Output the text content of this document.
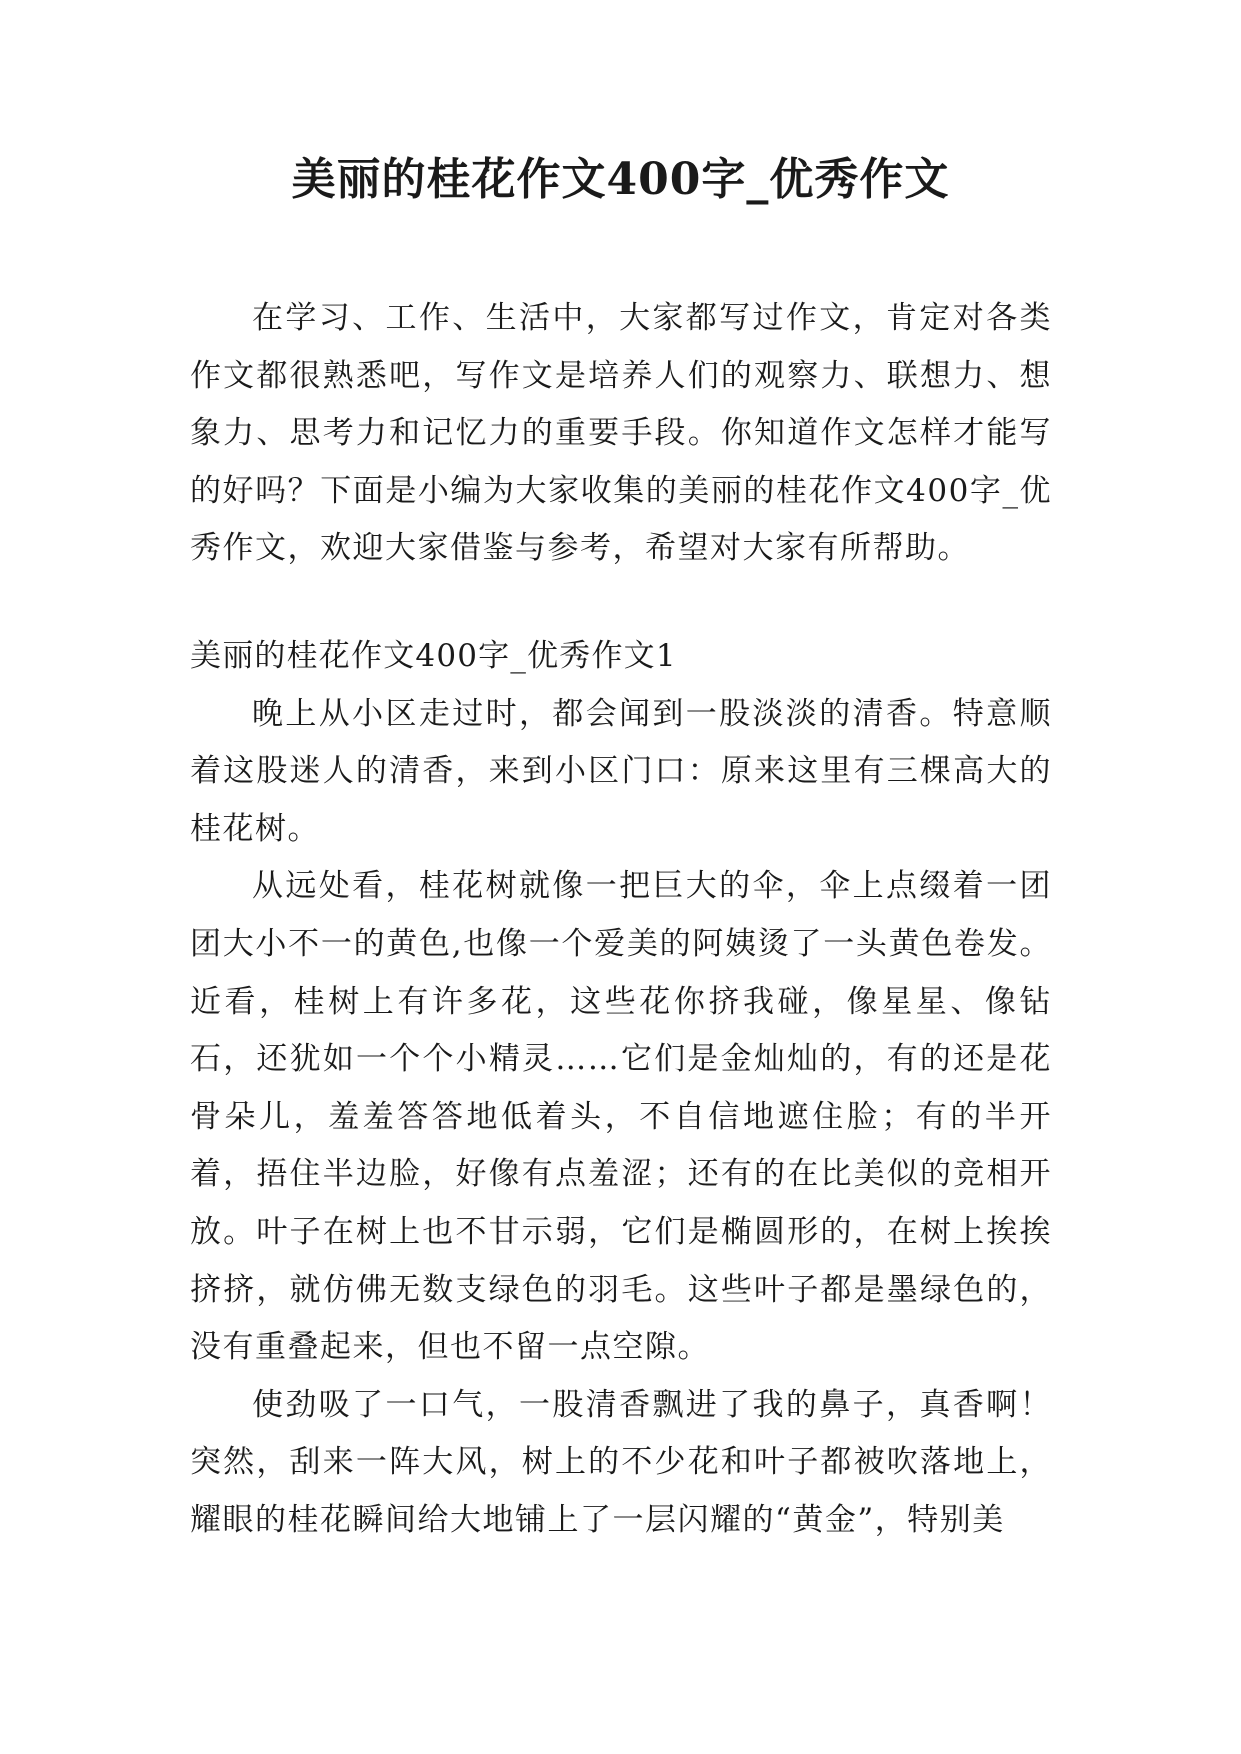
美丽的桂花作文400字_优秀作文

在学习、工作、生活中，大家都写过作文，肯定对各类作文都很熟悉吧，写作文是培养人们的观察力、联想力、想象力、思考力和记忆力的重要手段。你知道作文怎样才能写的好吗？下面是小编为大家收集的美丽的桂花作文400字_优秀作文，欢迎大家借鉴与参考，希望对大家有所帮助。

美丽的桂花作文400字_优秀作文1

晚上从小区走过时，都会闻到一股淡淡的清香。特意顺着这股迷人的清香，来到小区门口：原来这里有三棵高大的桂花树。

从远处看，桂花树就像一把巨大的伞，伞上点缀着一团团大小不一的黄色,也像一个爱美的阿姨烫了一头黄色卷发。近看，桂树上有许多花，这些花你挤我碰，像星星、像钻石，还犹如一个个小精灵……它们是金灿灿的，有的还是花骨朵儿，羞羞答答地低着头，不自信地遮住脸；有的半开着，捂住半边脸，好像有点羞涩；还有的在比美似的竞相开放。叶子在树上也不甘示弱，它们是椭圆形的，在树上挨挨挤挤，就仿佛无数支绿色的羽毛。这些叶子都是墨绿色的，没有重叠起来，但也不留一点空隙。

使劲吸了一口气，一股清香飘进了我的鼻子，真香啊！突然，刮来一阵大风，树上的不少花和叶子都被吹落地上，耀眼的桂花瞬间给大地铺上了一层闪耀的“黄金”，特别美
